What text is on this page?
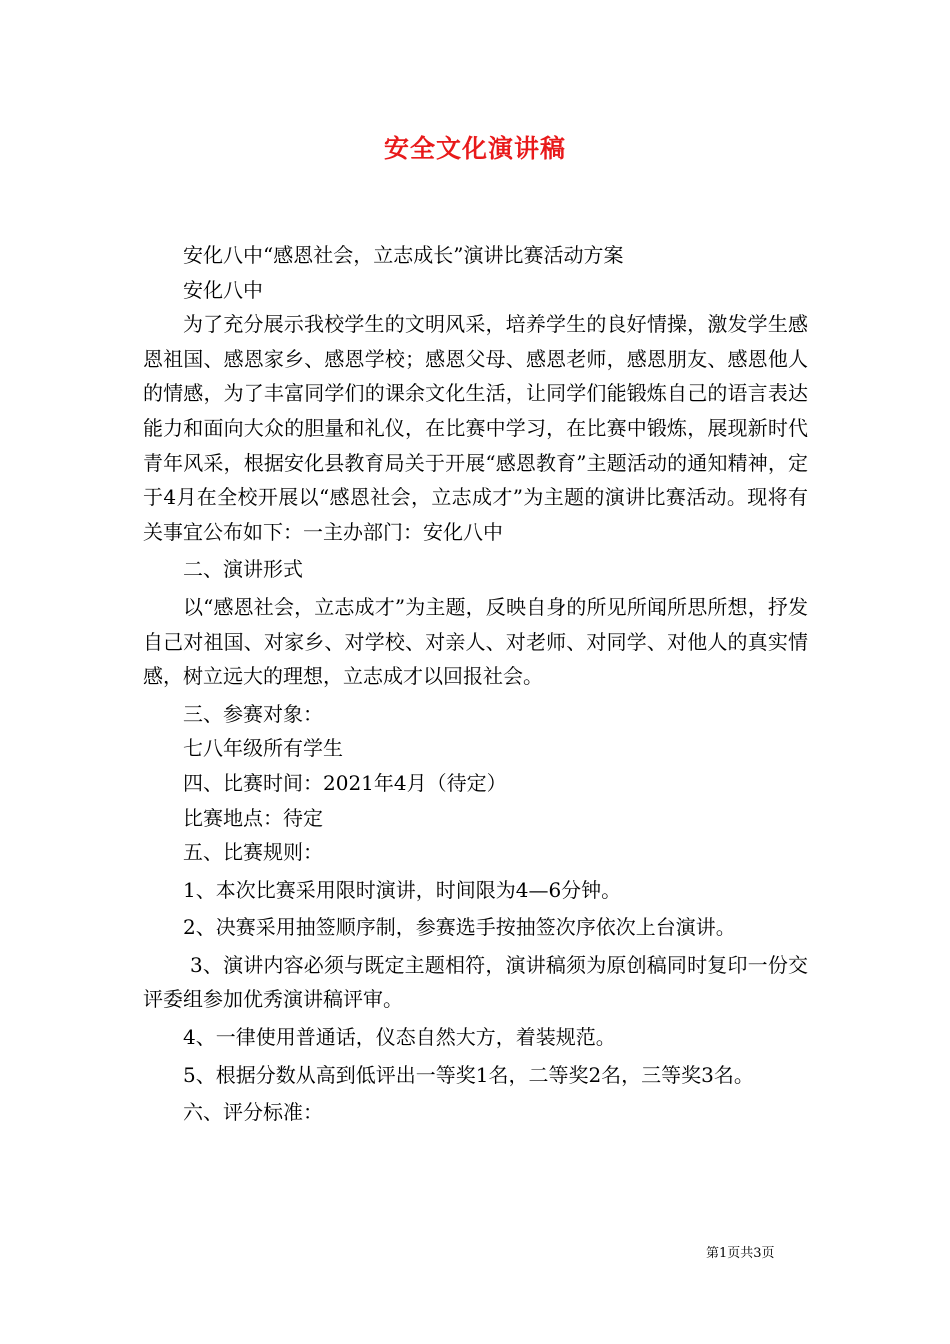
安全文化演讲稿

安化八中“感恩社会，立志成长”演讲比赛活动方案

安化八中

为了充分展示我校学生的文明风采，培养学生的良好情操，激发学生感恩祖国、感恩家乡、感恩学校；感恩父母、感恩老师，感恩朋友、感恩他人的情感，为了丰富同学们的课余文化生活，让同学们能锻炼自己的语言表达能力和面向大众的胆量和礼仪，在比赛中学习，在比赛中锻炼，展现新时代青年风采，根据安化县教育局关于开展“感恩教育”主题活动的通知精神，定于4月在全校开展以“感恩社会，立志成才”为主题的演讲比赛活动。现将有关事宜公布如下：一主办部门：安化八中

二、演讲形式

以“感恩社会，立志成才”为主题，反映自身的所见所闻所思所想，抒发自己对祖国、对家乡、对学校、对亲人、对老师、对同学、对他人的真实情感，树立远大的理想，立志成才以回报社会。

三、参赛对象：

七八年级所有学生

四、比赛时间：2021年4月（待定）

比赛地点：待定

五、比赛规则：

1、本次比赛采用限时演讲，时间限为4—6分钟。

2、决赛采用抽签顺序制，参赛选手按抽签次序依次上台演讲。

3、演讲内容必须与既定主题相符，演讲稿须为原创稿同时复印一份交评委组参加优秀演讲稿评审。

4、一律使用普通话，仪态自然大方，着装规范。

5、根据分数从高到低评出一等奖1名，二等奖2名，三等奖3名。

六、评分标准：

第1页共3页
